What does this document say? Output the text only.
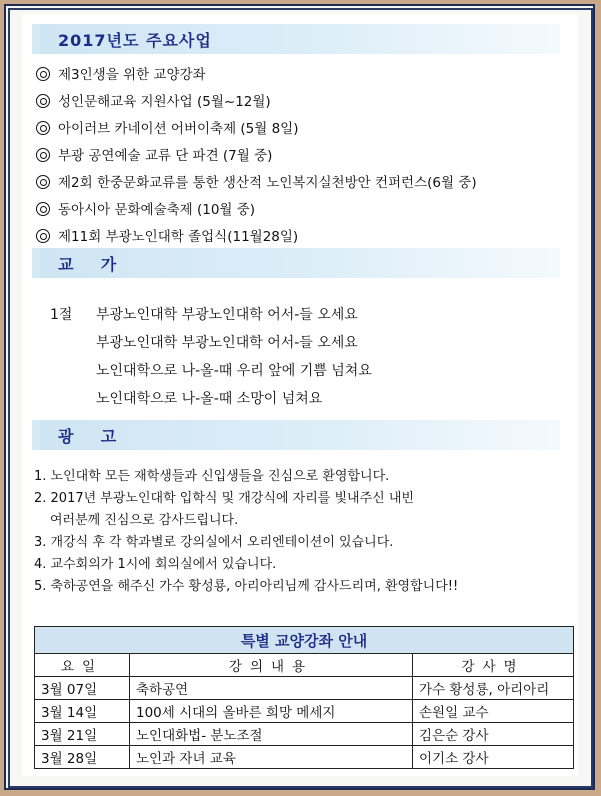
2017년도 주요사업
제3인생을 위한 교양강좌
성인문해교육 지원사업 (5월~12월)
아이러브 카네이션 어버이축제 (5월 8일)
부광 공연예술 교류 단 파견 (7월 중)
제2회 한중문화교류를 통한 생산적 노인복지실천방안 컨퍼런스(6월 중)
동아시아 문화예술축제 (10월 중)
제11회 부광노인대학 졸업식(11월28일)
교    가
1절 부광노인대학 부광노인대학 어서-들 오세요
부광노인대학 부광노인대학 어서-들 오세요
노인대학으로 나-올-때 우리 앞에 기쁨 넘쳐요
노인대학으로 나-올-때 소망이 넘쳐요
광    고
1. 노인대학 모든 재학생들과 신입생들을 진심으로 환영합니다.
2. 2017년 부광노인대학 입학식 및 개강식에 자리를 빛내주신 내빈
여러분께 진심으로 감사드립니다.
3. 개강식 후 각 학과별로 강의실에서 오리엔테이션이 있습니다.
4. 교수회의가 1시에 회의실에서 있습니다.
5. 축하공연을 해주신 가수 황성룡, 아리아리님께 감사드리며, 환영합니다!!
특별 교양강좌 안내		
요일	강의내용	강사명
3월 07일	축하공연	가수 황성룡, 아리아리
3월 14일	100세 시대의 올바른 희망 메세지	손원일 교수
3월 21일	노인대화법- 분노조절	김은순 강사
3월 28일	노인과 자녀 교육	이기소 강사
